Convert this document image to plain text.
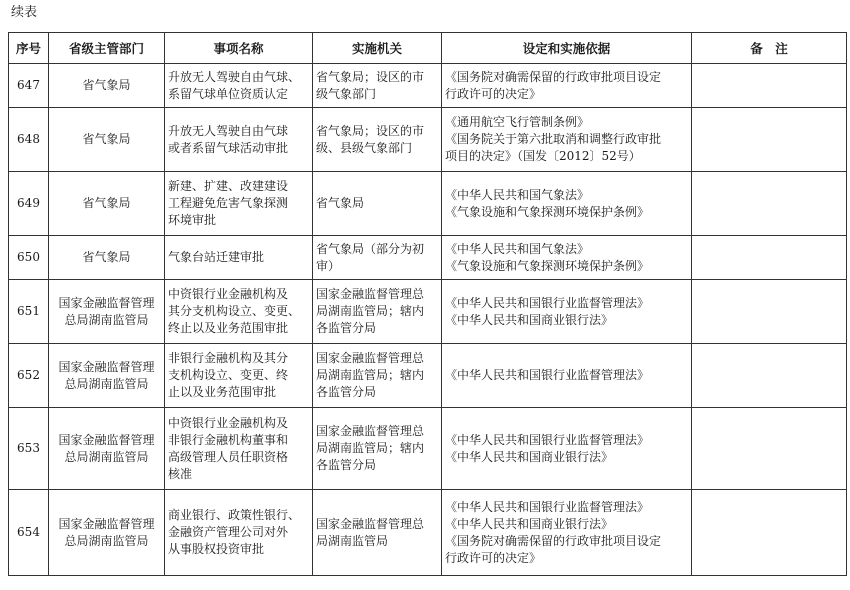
续表
序号	省级主管部门	事项名称	实施机关	设定和实施依据	备　注
647	省气象局	升放无人驾驶自由气球、
系留气球单位资质认定	省气象局；设区的市
级气象部门	《国务院对确需保留的行政审批项目设定
行政许可的决定》	

648	省气象局	升放无人驾驶自由气球
或者系留气球活动审批	省气象局；设区的市
级、县级气象部门	《通用航空飞行管制条例》
《国务院关于第六批取消和调整行政审批
项目的决定》（国发〔2012〕52号）	

649	省气象局	新建、扩建、改建建设
工程避免危害气象探测
环境审批	省气象局	《中华人民共和国气象法》
《气象设施和气象探测环境保护条例》	

650	省气象局	气象台站迁建审批	省气象局（部分为初
审）	《中华人民共和国气象法》
《气象设施和气象探测环境保护条例》	

651	国家金融监督管理
总局湖南监管局	中资银行业金融机构及
其分支机构设立、变更、
终止以及业务范围审批	国家金融监督管理总
局湖南监管局；辖内
各监管分局	《中华人民共和国银行业监督管理法》
《中华人民共和国商业银行法》	

652	国家金融监督管理
总局湖南监管局	非银行金融机构及其分
支机构设立、变更、终
止以及业务范围审批	国家金融监督管理总
局湖南监管局；辖内
各监管分局	《中华人民共和国银行业监督管理法》	

653	国家金融监督管理
总局湖南监管局	中资银行业金融机构及
非银行金融机构董事和
高级管理人员任职资格
核准	国家金融监督管理总
局湖南监管局；辖内
各监管分局	《中华人民共和国银行业监督管理法》
《中华人民共和国商业银行法》	

654	国家金融监督管理
总局湖南监管局	商业银行、政策性银行、
金融资产管理公司对外
从事股权投资审批	国家金融监督管理总
局湖南监管局	《中华人民共和国银行业监督管理法》
《中华人民共和国商业银行法》
《国务院对确需保留的行政审批项目设定
行政许可的决定》	
